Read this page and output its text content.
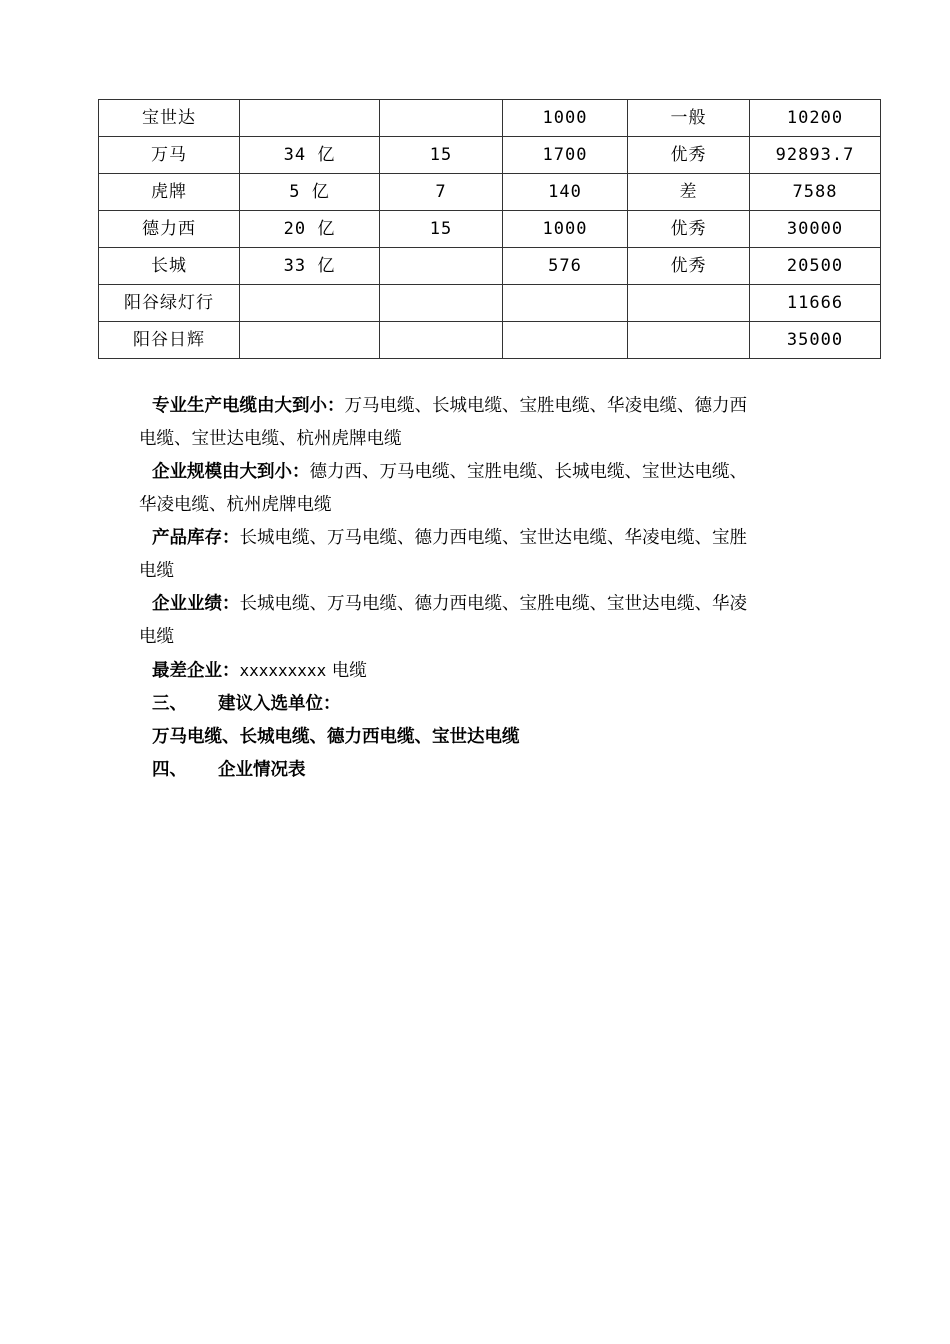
宝世达			1000	一般	10200
万马	34 亿	15	1700	优秀	92893.7
虎牌	5 亿	7	140	差	7588
德力西	20 亿	15	1000	优秀	30000
长城	33 亿		576	优秀	20500
阳谷绿灯行					11666
阳谷日辉					35000

专业生产电缆由大到小：万马电缆、长城电缆、宝胜电缆、华凌电缆、德力西
电缆、宝世达电缆、杭州虎牌电缆

企业规模由大到小：德力西、万马电缆、宝胜电缆、长城电缆、宝世达电缆、
华凌电缆、杭州虎牌电缆

产品库存：长城电缆、万马电缆、德力西电缆、宝世达电缆、华凌电缆、宝胜
电缆

企业业绩：长城电缆、万马电缆、德力西电缆、宝胜电缆、宝世达电缆、华凌
电缆

最差企业：xxxxxxxxx 电缆

三、 建议入选单位：

万马电缆、长城电缆、德力西电缆、宝世达电缆

四、 企业情况表
